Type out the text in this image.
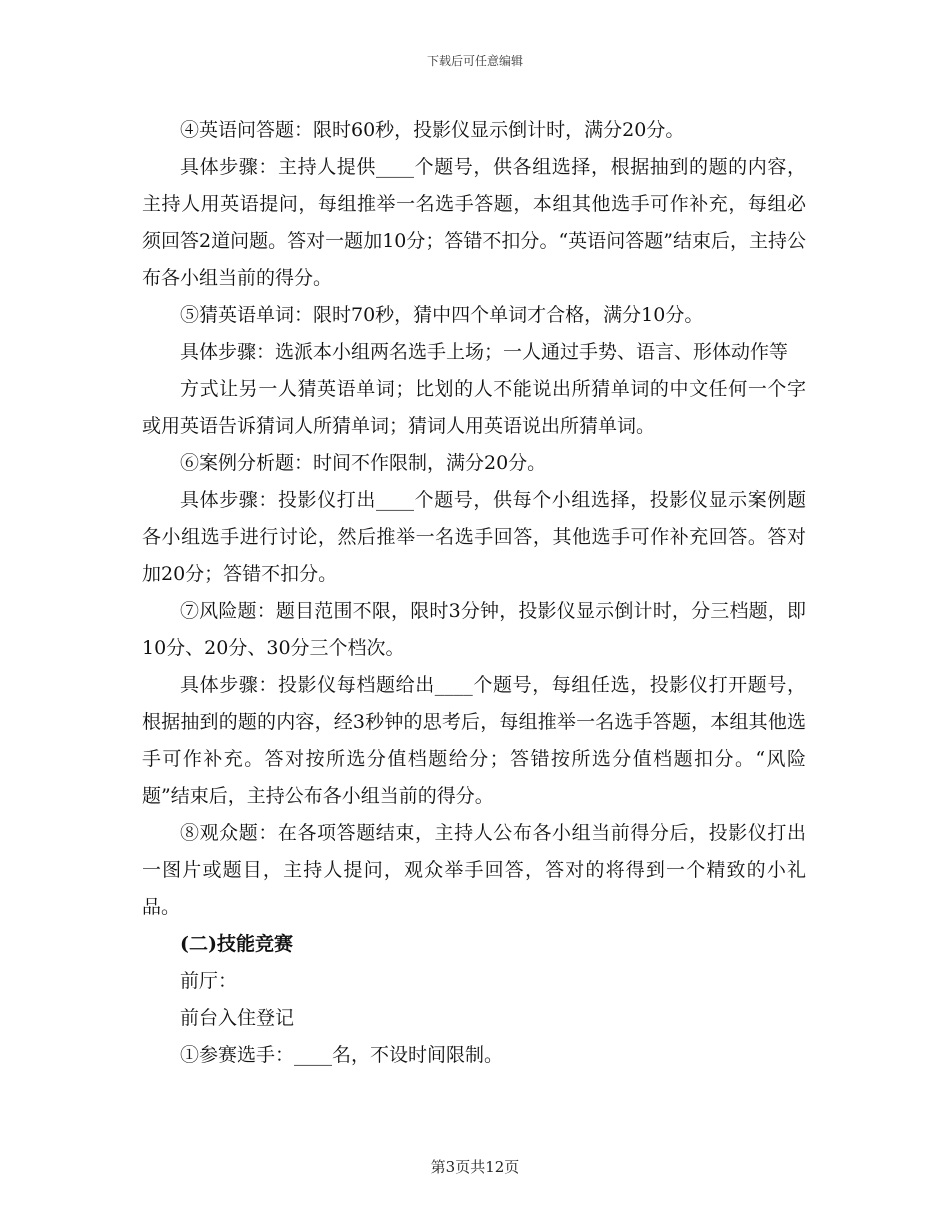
下载后可任意编辑

④英语问答题：限时60秒，投影仪显示倒计时，满分20分。

具体步骤：主持人提供____个题号，供各组选择，根据抽到的题的内容，主持人用英语提问，每组推举一名选手答题，本组其他选手可作补充，每组必须回答2道问题。答对一题加10分；答错不扣分。“英语问答题”结束后，主持公布各小组当前的得分。

⑤猜英语单词：限时70秒，猜中四个单词才合格，满分10分。

具体步骤：选派本小组两名选手上场；一人通过手势、语言、形体动作等

方式让另一人猜英语单词；比划的人不能说出所猜单词的中文任何一个字或用英语告诉猜词人所猜单词；猜词人用英语说出所猜单词。

⑥案例分析题：时间不作限制，满分20分。

具体步骤：投影仪打出____个题号，供每个小组选择，投影仪显示案例题各小组选手进行讨论，然后推举一名选手回答，其他选手可作补充回答。答对加20分；答错不扣分。

⑦风险题：题目范围不限，限时3分钟，投影仪显示倒计时，分三档题，即10分、20分、30分三个档次。

具体步骤：投影仪每档题给出____个题号，每组任选，投影仪打开题号，根据抽到的题的内容，经3秒钟的思考后，每组推举一名选手答题，本组其他选手可作补充。答对按所选分值档题给分；答错按所选分值档题扣分。“风险题”结束后，主持公布各小组当前的得分。

⑧观众题：在各项答题结束，主持人公布各小组当前得分后，投影仪打出一图片或题目，主持人提问，观众举手回答，答对的将得到一个精致的小礼品。

(二)技能竞赛

前厅：

前台入住登记

①参赛选手：____名，不设时间限制。

第3页共12页
